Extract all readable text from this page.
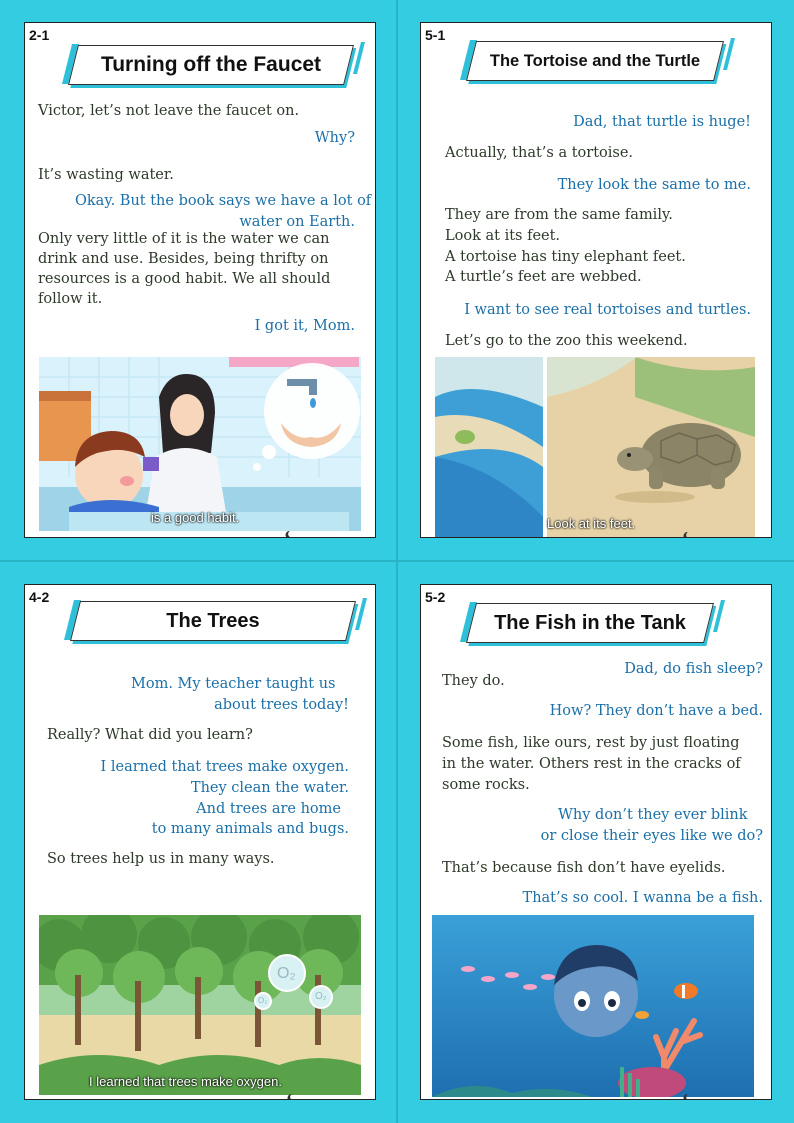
2-1
Turning off the Faucet
Victor, let’s not leave the faucet on.
Why?
It’s wasting water.
Okay. But the book says we have a lot of
water on Earth.
Only very little of it is the water we can
drink and use. Besides, being thrifty on
resources is a good habit. We all should
follow it.
I got it, Mom.
is a good habit.
5-1
The Tortoise and the Turtle
Dad, that turtle is huge!
Actually, that’s a tortoise.
They look the same to me.
They are from the same family.
Look at its feet.
A tortoise has tiny elephant feet.
A turtle’s feet are webbed.
I want to see real tortoises and turtles.
Let’s go to the zoo this weekend.
Look at its feet.
4-2
The Trees
Mom. My teacher taught us
about trees today!
Really? What did you learn?
I learned that trees make oxygen.
They clean the water.
And trees are home
to many animals and bugs.
So trees help us in many ways.
O₂
O₂
O₂
I learned that trees make oxygen.
5-2
The Fish in the Tank
Dad, do fish sleep?
They do.
How? They don’t have a bed.
Some fish, like ours, rest by just floating
in the water. Others rest in the cracks of
some rocks.
Why don’t they ever blink
or close their eyes like we do?
That’s because fish don’t have eyelids.
That’s so cool. I wanna be a fish.
